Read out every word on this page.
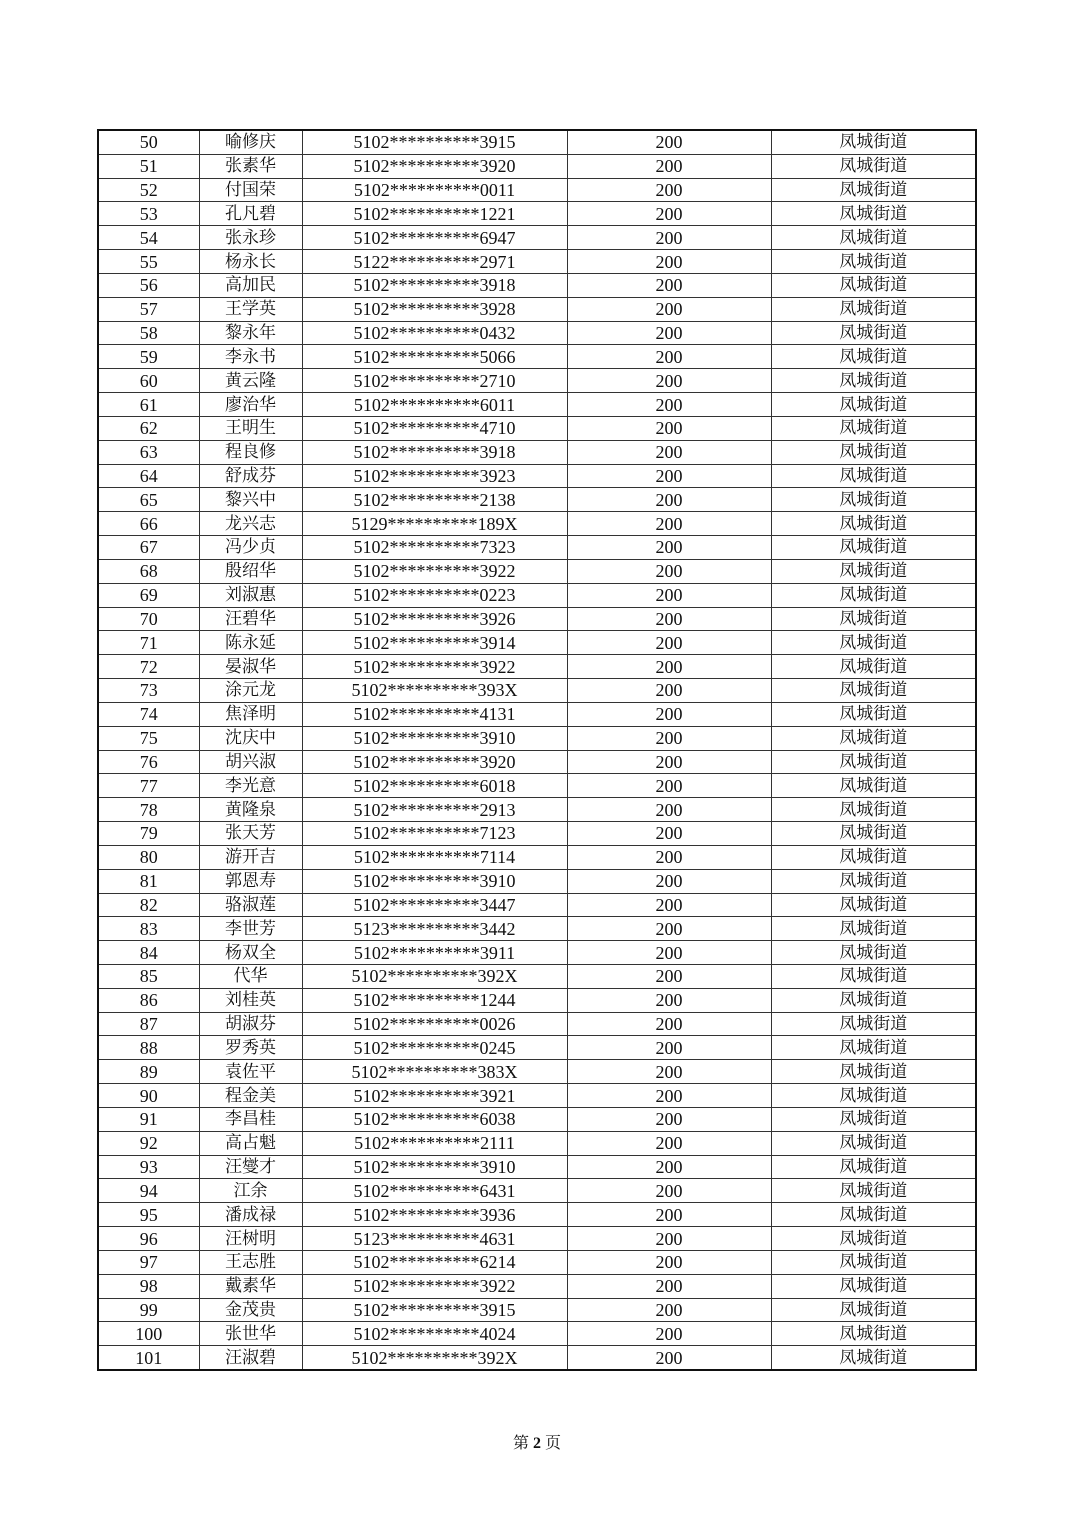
50	喻修庆	5102**********3915	200	凤城街道
51	张素华	5102**********3920	200	凤城街道
52	付国荣	5102**********0011	200	凤城街道
53	孔凡碧	5102**********1221	200	凤城街道
54	张永珍	5102**********6947	200	凤城街道
55	杨永长	5122**********2971	200	凤城街道
56	高加民	5102**********3918	200	凤城街道
57	王学英	5102**********3928	200	凤城街道
58	黎永年	5102**********0432	200	凤城街道
59	李永书	5102**********5066	200	凤城街道
60	黄云隆	5102**********2710	200	凤城街道
61	廖治华	5102**********6011	200	凤城街道
62	王明生	5102**********4710	200	凤城街道
63	程良修	5102**********3918	200	凤城街道
64	舒成芬	5102**********3923	200	凤城街道
65	黎兴中	5102**********2138	200	凤城街道
66	龙兴志	5129**********189X	200	凤城街道
67	冯少贞	5102**********7323	200	凤城街道
68	殷绍华	5102**********3922	200	凤城街道
69	刘淑惠	5102**********0223	200	凤城街道
70	汪碧华	5102**********3926	200	凤城街道
71	陈永延	5102**********3914	200	凤城街道
72	晏淑华	5102**********3922	200	凤城街道
73	涂元龙	5102**********393X	200	凤城街道
74	焦泽明	5102**********4131	200	凤城街道
75	沈庆中	5102**********3910	200	凤城街道
76	胡兴淑	5102**********3920	200	凤城街道
77	李光意	5102**********6018	200	凤城街道
78	黄隆泉	5102**********2913	200	凤城街道
79	张天芳	5102**********7123	200	凤城街道
80	游开吉	5102**********7114	200	凤城街道
81	郭恩寿	5102**********3910	200	凤城街道
82	骆淑莲	5102**********3447	200	凤城街道
83	李世芳	5123**********3442	200	凤城街道
84	杨双全	5102**********3911	200	凤城街道
85	代华	5102**********392X	200	凤城街道
86	刘桂英	5102**********1244	200	凤城街道
87	胡淑芬	5102**********0026	200	凤城街道
88	罗秀英	5102**********0245	200	凤城街道
89	袁佐平	5102**********383X	200	凤城街道
90	程金美	5102**********3921	200	凤城街道
91	李昌桂	5102**********6038	200	凤城街道
92	高占魁	5102**********2111	200	凤城街道
93	汪燮才	5102**********3910	200	凤城街道
94	江余	5102**********6431	200	凤城街道
95	潘成禄	5102**********3936	200	凤城街道
96	汪树明	5123**********4631	200	凤城街道
97	王志胜	5102**********6214	200	凤城街道
98	戴素华	5102**********3922	200	凤城街道
99	金茂贵	5102**********3915	200	凤城街道
100	张世华	5102**********4024	200	凤城街道
101	汪淑碧	5102**********392X	200	凤城街道
第 2 页
